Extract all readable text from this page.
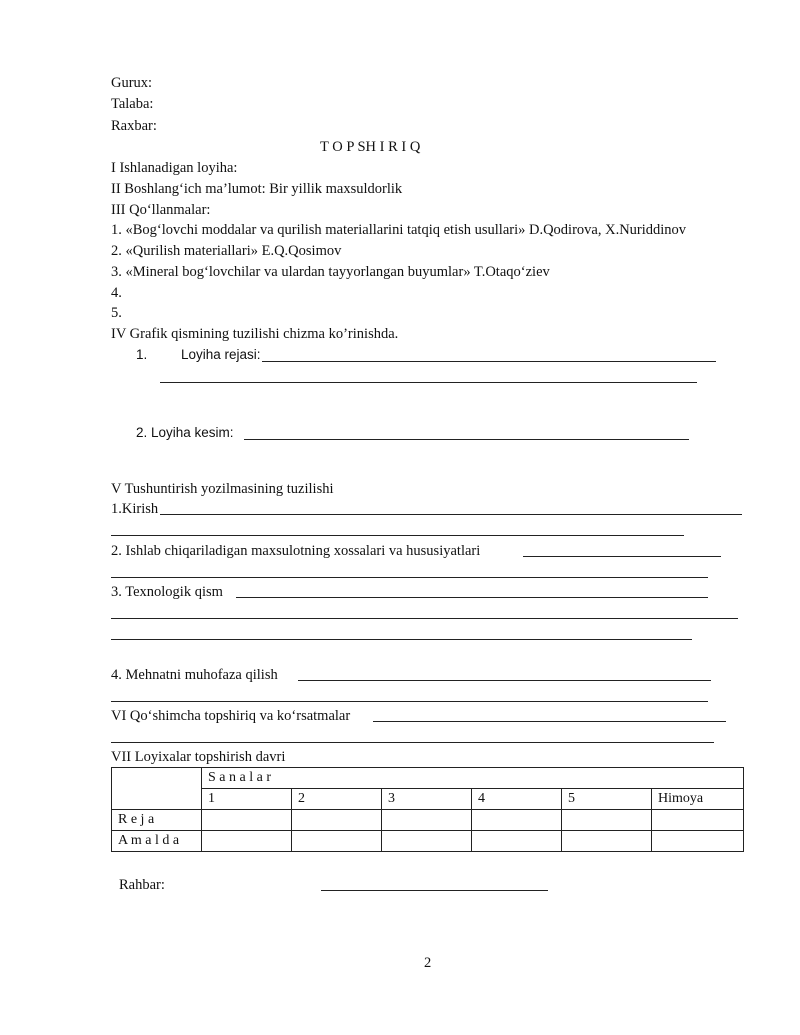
Gurux:
Talaba:
Raxbar:
T O P SH I R I Q
I Ishlanadigan loyiha:
II Boshlang‘ich ma’lumot: Bir yillik maxsuldorlik
III Qo‘llanmalar:
1. «Bog‘lovchi moddalar va qurilish materiallarini tatqiq etish usullari» D.Qodirova, X.Nuriddinov
2. «Qurilish materiallari» E.Q.Qosimov
3. «Mineral bog‘lovchilar va ulardan tayyorlangan buyumlar» T.Otaqo‘ziev
4.
5.
IV Grafik qismining tuzilishi chizma ko’rinishda.
1. Loyiha rejasi:
2. Loyiha kesim:
V Tushuntirish yozilmasining tuzilishi
1.Kirish
2. Ishlab chiqariladigan maxsulotning xossalari va hususiyatlari
3. Texnologik qism
4. Mehnatni muhofaza qilish
VI Qo‘shimcha topshiriq va ko‘rsatmalar
VII Loyixalar topshirish davri
	S a n a l a r					
	1	2	3	4	5	Himoya
R e j a						
A m a l d a						
Rahbar:
2
